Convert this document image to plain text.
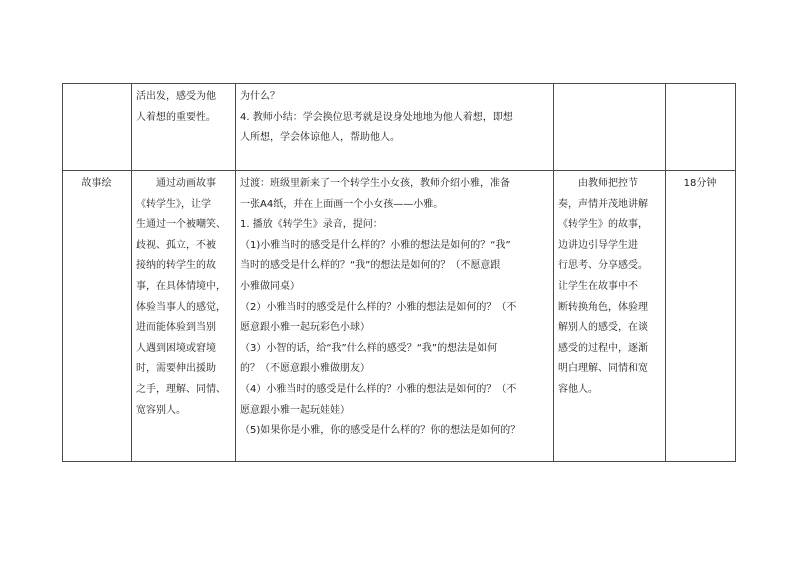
活出发，感受为他

人着想的重要性。

为什么？

4. 教师小结：学会换位思考就是设身处地地为他人着想，即想

人所想，学会体谅他人，帮助他人。

故事绘	　　通过动画故事

《转学生》，让学

生通过一个被嘲笑、

歧视、孤立，不被

接纳的转学生的故

事，在具体情境中，

体验当事人的感觉，

进而能体验到当别

人遇到困境或窘境

时，需要伸出援助

之手，理解、同情、

宽容别人。

过渡：班级里新来了一个转学生小女孩，教师介绍小雅，准备

一张A4纸，并在上面画一个小女孩——小雅。

1. 播放《转学生》录音，提问：

（1)小雅当时的感受是什么样的？小雅的想法是如何的？“我”

当时的感受是什么样的？“我”的想法是如何的？（不愿意跟

小雅做同桌）

（2）小雅当时的感受是什么样的？小雅的想法是如何的？（不

愿意跟小雅一起玩彩色小球）

（3）小智的话，给“我”什么样的感受？“我”的想法是如何

的？（不愿意跟小雅做朋友）

（4）小雅当时的感受是什么样的？小雅的想法是如何的？（不

愿意跟小雅一起玩娃娃）

（5)如果你是小雅，你的感受是什么样的？你的想法是如何的？

　　由教师把控节

奏，声情并茂地讲解

《转学生》的故事，

边讲边引导学生进

行思考、分享感受。

让学生在故事中不

断转换角色，体验理

解别人的感受，在谈

感受的过程中，逐渐

明白理解、同情和宽

容他人。

18分钟
